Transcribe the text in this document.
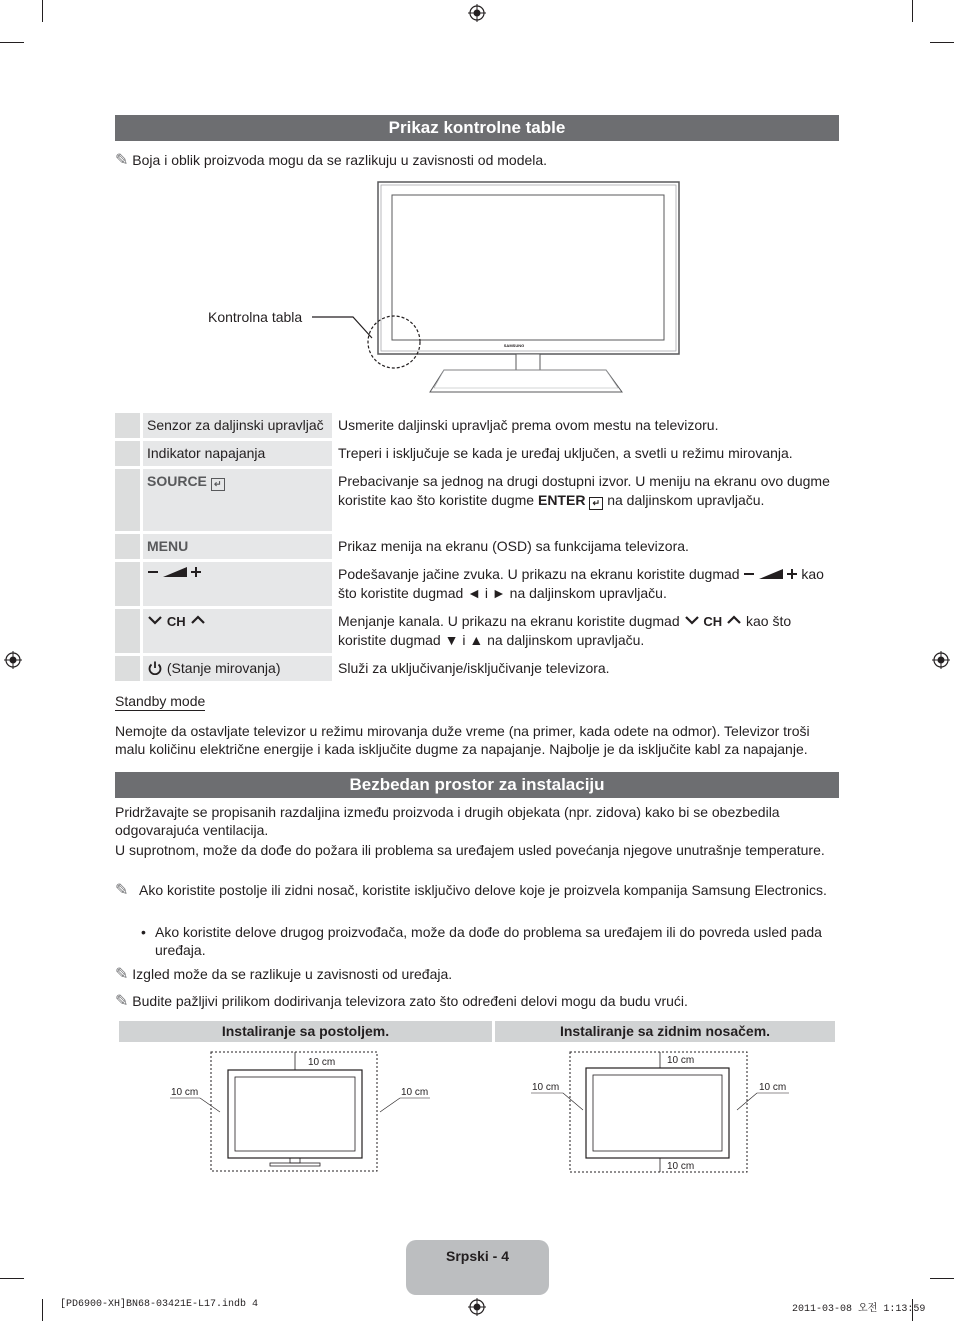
Prikaz kontrolne table
✎ Boja i oblik proizvoda mogu da se razlikuju u zavisnosti od modela.
SAMSUNG
Kontrolna tabla
	Senzor za daljinski upravljač	Usmerite daljinski upravljač prema ovom mestu na televizoru.
	Indikator napajanja	Treperi i isključuje se kada je uređaj uključen, a svetli u režimu mirovanja.
	SOURCE ↵	Prebacivanje sa jednog na drugi dostupni izvor. U meniju na ekranu ovo dugme koristite kao što koristite dugme ENTER ↵ na daljinskom upravljaču.
	MENU	Prikaz menija na ekranu (OSD) sa funkcijama televizora.
		Podešavanje jačine zvuka. U prikazu na ekranu koristite dugmad kao što koristite dugmad ◄ i ► na daljinskom upravljaču.
	CH	Menjanje kanala. U prikazu na ekranu koristite dugmad CH kao što koristite dugmad ▼ i ▲ na daljinskom upravljaču.
	(Stanje mirovanja)	Služi za uključivanje/isključivanje televizora.
Standby mode
Nemojte da ostavljate televizor u režimu mirovanja duže vreme (na primer, kada odete na odmor). Televizor troši malu količinu električne energije i kada isključite dugme za napajanje. Najbolje je da isključite kabl za napajanje.
Bezbedan prostor za instalaciju
Pridržavajte se propisanih razdaljina između proizvoda i drugih objekata (npr. zidova) kako bi se obezbedila odgovarajuća ventilacija.
U suprotnom, može da dođe do požara ili problema sa uređajem usled povećanja njegove unutrašnje temperature.
✎ Ako koristite postolje ili zidni nosač, koristite isključivo delove koje je proizvela kompanija Samsung Electronics.
• Ako koristite delove drugog proizvođača, može da dođe do problema sa uređajem ili do povreda usled pada uređaja.
✎ Izgled može da se razlikuje u zavisnosti od uređaja.
✎ Budite pažljivi prilikom dodirivanja televizora zato što određeni delovi mogu da budu vrući.
Instaliranje sa postoljem.	Instaliranje sa zidnim nosačem.
10 cm
10 cm	10 cm
10 cm
10 cm
10 cm	10 cm
Srpski - 4
[PD6900-XH]BN68-03421E-L17.indb 4	2011-03-08 오전 1:13:59
